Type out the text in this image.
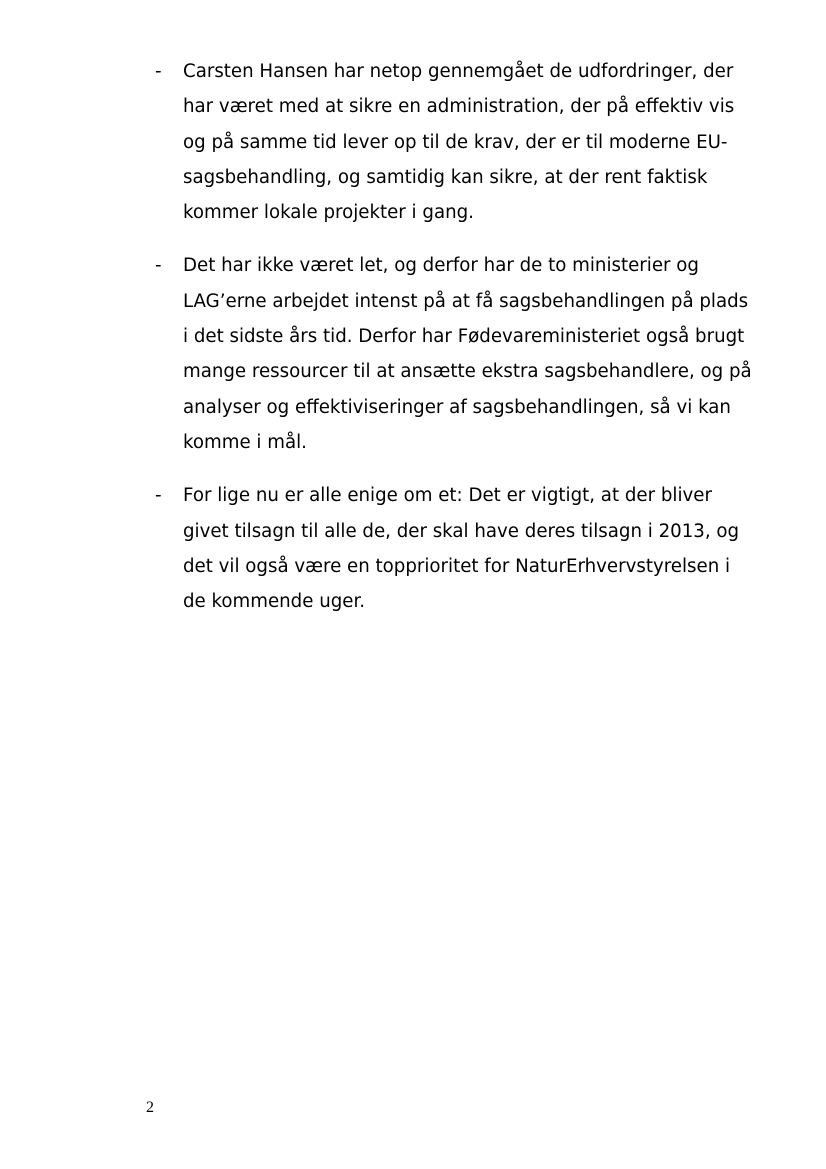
- Carsten Hansen har netop gennemgået de udfordringer, der har været med at sikre en administration, der på effektiv vis og på samme tid lever op til de krav, der er til moderne EU-sagsbehandling, og samtidig kan sikre, at der rent faktisk kommer lokale projekter i gang.
- Det har ikke været let, og derfor har de to ministerier og LAG’erne arbejdet intenst på at få sagsbehandlingen på plads i det sidste års tid. Derfor har Fødevareministeriet også brugt mange ressourcer til at ansætte ekstra sagsbehandlere, og på analyser og effektiviseringer af sagsbehandlingen, så vi kan komme i mål.
- For lige nu er alle enige om et: Det er vigtigt, at der bliver givet tilsagn til alle de, der skal have deres tilsagn i 2013, og det vil også være en topprioritet for NaturErhvervstyrelsen i de kommende uger.
2
